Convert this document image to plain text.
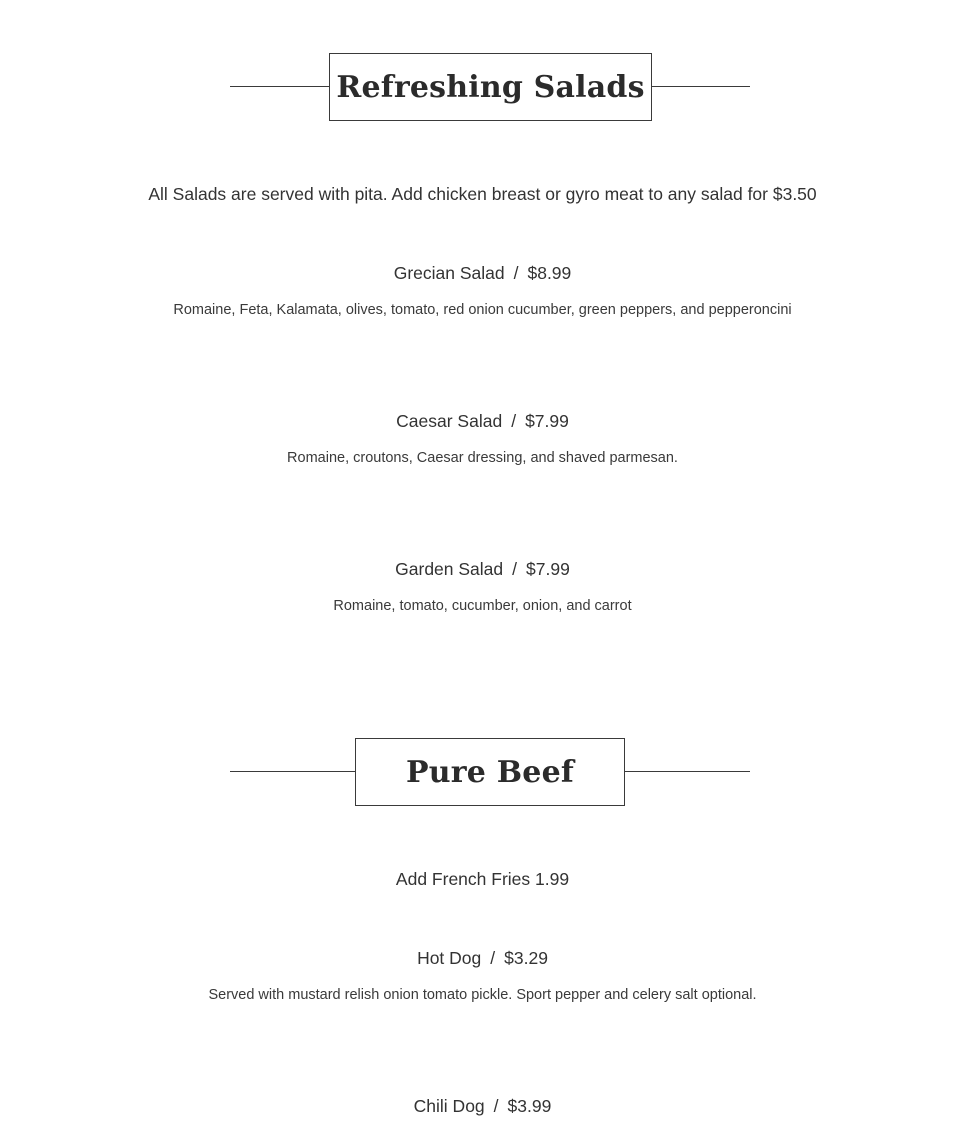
Refreshing Salads
All Salads are served with pita. Add chicken breast or gyro meat to any salad for $3.50
Grecian Salad / $8.99
Romaine, Feta, Kalamata, olives, tomato, red onion cucumber, green peppers, and pepperoncini
Caesar Salad / $7.99
Romaine, croutons, Caesar dressing, and shaved parmesan.
Garden Salad / $7.99
Romaine, tomato, cucumber, onion, and carrot
Pure Beef
Add French Fries 1.99
Hot Dog / $3.29
Served with mustard relish onion tomato pickle. Sport pepper and celery salt optional.
Chili Dog / $3.99
